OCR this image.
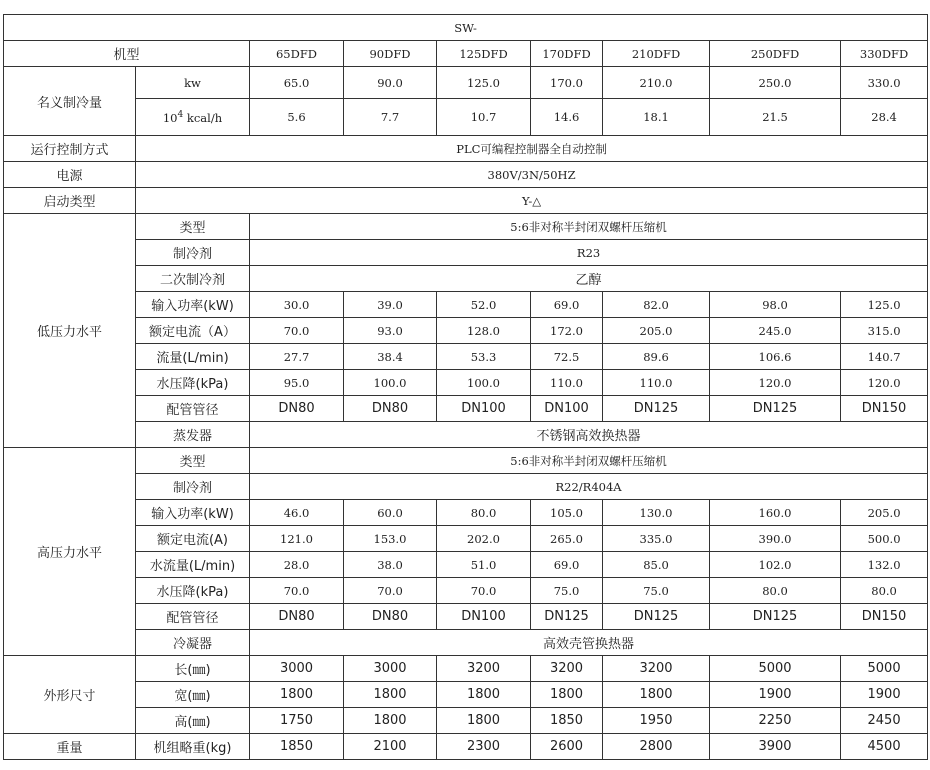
SW-								
机型		65DFD	90DFD	125DFD	170DFD	210DFD	250DFD	330DFD
名义制冷量	kw	65.0	90.0	125.0	170.0	210.0	250.0	330.0
	$10^4$ kcal/h	5.6	7.7	10.7	14.6	18.1	21.5	28.4
运行控制方式	PLC可编程控制器全自动控制							
电源	380V/3N/50HZ							
启动类型	Y-△							
低压力水平	类型	5:6非对称半封闭双螺杆压缩机						
	制冷剂	R23						
	二次制冷剂	乙醇						
	输入功率(kW)	30.0	39.0	52.0	69.0	82.0	98.0	125.0
	额定电流（A）	70.0	93.0	128.0	172.0	205.0	245.0	315.0
	流量(L/min)	27.7	38.4	53.3	72.5	89.6	106.6	140.7
	水压降(kPa)	95.0	100.0	100.0	110.0	110.0	120.0	120.0
	配管管径	DN80	DN80	DN100	DN100	DN125	DN125	DN150
	蒸发器	不锈钢高效换热器						
高压力水平	类型	5:6非对称半封闭双螺杆压缩机						
	制冷剂	R22/R404A						
	输入功率(kW)	46.0	60.0	80.0	105.0	130.0	160.0	205.0
	额定电流(A)	121.0	153.0	202.0	265.0	335.0	390.0	500.0
	水流量(L/min)	28.0	38.0	51.0	69.0	85.0	102.0	132.0
	水压降(kPa)	70.0	70.0	70.0	75.0	75.0	80.0	80.0
	配管管径	DN80	DN80	DN100	DN125	DN125	DN125	DN150
	冷凝器	高效壳管换热器						
外形尺寸	长(㎜)	3000	3000	3200	3200	3200	5000	5000
	宽(㎜)	1800	1800	1800	1800	1800	1900	1900
	高(㎜)	1750	1800	1800	1850	1950	2250	2450
重量	机组略重(kg)	1850	2100	2300	2600	2800	3900	4500
